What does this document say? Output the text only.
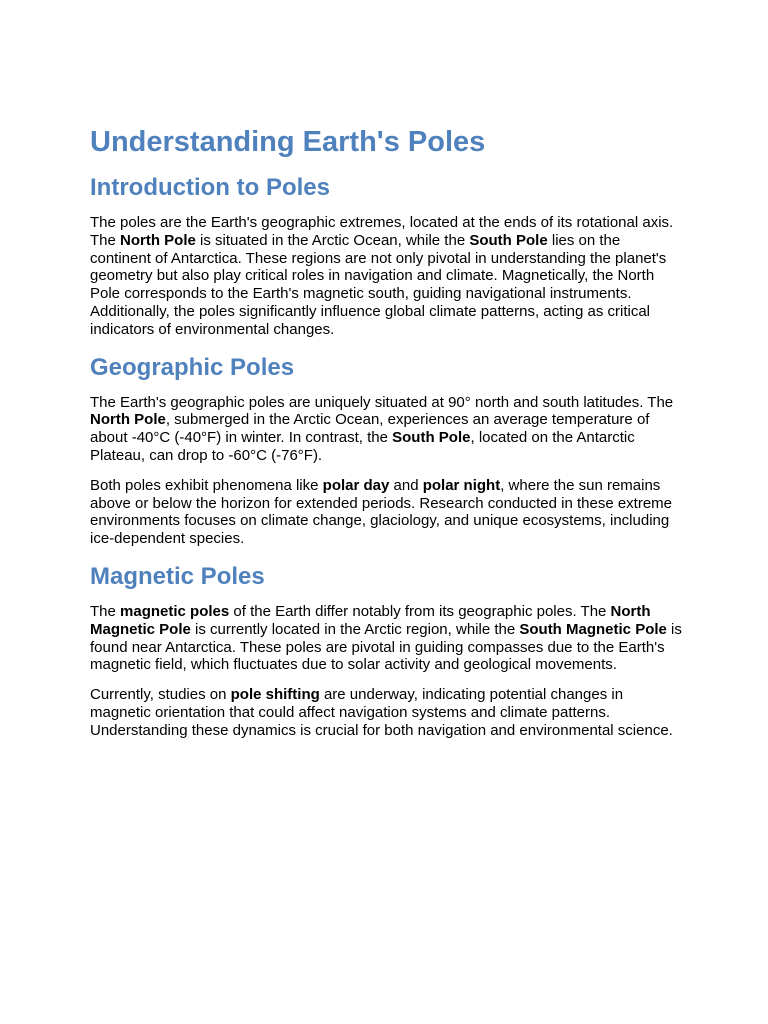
Understanding Earth's Poles
Introduction to Poles

The poles are the Earth's geographic extremes, located at the ends of its rotational axis. The North Pole is situated in the Arctic Ocean, while the South Pole lies on the continent of Antarctica. These regions are not only pivotal in understanding the planet's geometry but also play critical roles in navigation and climate. Magnetically, the North Pole corresponds to the Earth's magnetic south, guiding navigational instruments. Additionally, the poles significantly influence global climate patterns, acting as critical indicators of environmental changes.

Geographic Poles

The Earth's geographic poles are uniquely situated at 90° north and south latitudes. The North Pole, submerged in the Arctic Ocean, experiences an average temperature of about -40°C (-40°F) in winter. In contrast, the South Pole, located on the Antarctic Plateau, can drop to -60°C (-76°F).

Both poles exhibit phenomena like polar day and polar night, where the sun remains above or below the horizon for extended periods. Research conducted in these extreme environments focuses on climate change, glaciology, and unique ecosystems, including ice-dependent species.

Magnetic Poles

The magnetic poles of the Earth differ notably from its geographic poles. The North Magnetic Pole is currently located in the Arctic region, while the South Magnetic Pole is found near Antarctica. These poles are pivotal in guiding compasses due to the Earth's magnetic field, which fluctuates due to solar activity and geological movements.

Currently, studies on pole shifting are underway, indicating potential changes in magnetic orientation that could affect navigation systems and climate patterns. Understanding these dynamics is crucial for both navigation and environmental science.
